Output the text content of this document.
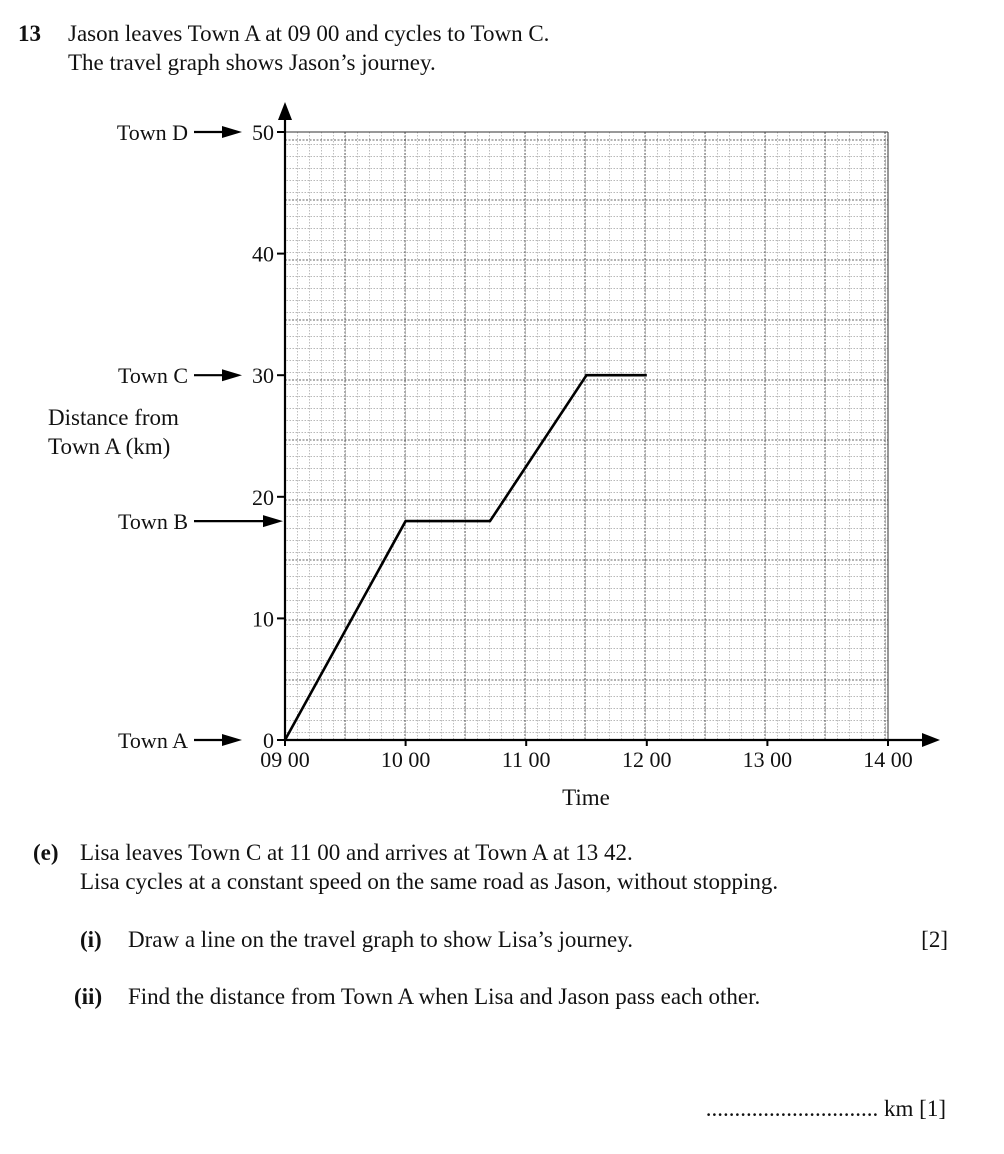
13 Jason leaves Town A at 09 00 and cycles to Town C.
The travel graph shows Jason’s journey.
0
10
20
30
40
50
09 00	10 00	11 00	12 00	13 00	14 00
Town A
Town B
Town C
Town D
Distance from
Town A (km)
Time
(e) Lisa leaves Town C at 11 00 and arrives at Town A at 13 42.
Lisa cycles at a constant speed on the same road as Jason, without stopping.
(i) Draw a line on the travel graph to show Lisa’s journey.	[2]
(ii) Find the distance from Town A when Lisa and Jason pass each other.
.............................. km [1]
